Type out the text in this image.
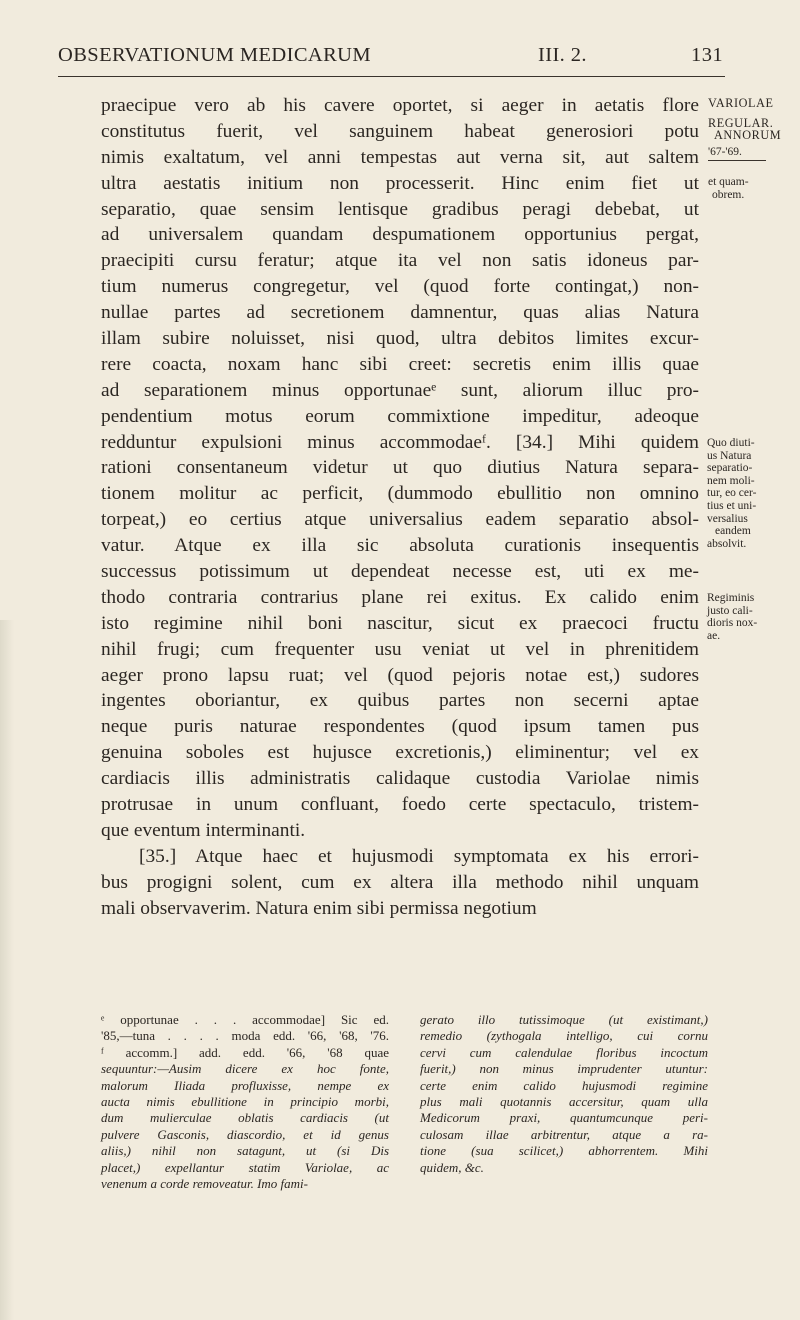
OBSERVATIONUM MEDICARUM	III. 2.	131
praecipue vero ab his cavere oportet, si aeger in aetatis flore
constitutus fuerit, vel sanguinem habeat generosiori potu
nimis exaltatum, vel anni tempestas aut verna sit, aut saltem
ultra aestatis initium non processerit. Hinc enim fiet ut
separatio, quae sensim lentisque gradibus peragi debebat, ut
ad universalem quandam despumationem opportunius pergat,
praecipiti cursu feratur; atque ita vel non satis idoneus par-
tium numerus congregetur, vel (quod forte contingat,) non-
nullae partes ad secretionem damnentur, quas alias Natura
illam subire noluisset, nisi quod, ultra debitos limites excur-
rere coacta, noxam hanc sibi creet: secretis enim illis quae
ad separationem minus opportunaeᵉ sunt, aliorum illuc pro-
pendentium motus eorum commixtione impeditur, adeoque
redduntur expulsioni minus accommodaeᶠ. [34.] Mihi quidem
rationi consentaneum videtur ut quo diutius Natura separa-
tionem molitur ac perficit, (dummodo ebullitio non omnino
torpeat,) eo certius atque universalius eadem separatio absol-
vatur. Atque ex illa sic absoluta curationis insequentis
successus potissimum ut dependeat necesse est, uti ex me-
thodo contraria contrarius plane rei exitus. Ex calido enim
isto regimine nihil boni nascitur, sicut ex praecoci fructu
nihil frugi; cum frequenter usu veniat ut vel in phrenitidem
aeger prono lapsu ruat; vel (quod pejoris notae est,) sudores
ingentes oboriantur, ex quibus partes non secerni aptae
neque puris naturae respondentes (quod ipsum tamen pus
genuina soboles est hujusce excretionis,) eliminentur; vel ex
cardiacis illis administratis calidaque custodia Variolae nimis
protrusae in unum confluant, foedo certe spectaculo, tristem-
que eventum interminanti.
[35.] Atque haec et hujusmodi symptomata ex his errori-
bus progigni solent, cum ex altera illa methodo nihil unquam
mali observaverim. Natura enim sibi permissa negotium
VARIOLAE
REGULAR.
ANNORUM
'67-'69.
et quam-
obrem.
Quo diuti-
us Natura
separatio-
nem moli-
tur, eo cer-
tius et uni-
versalius
eandem
absolvit.
Regiminis
justo cali-
dioris nox-
ae.
ᵉ opportunae . . . accommodae] Sic ed.
'85,—tuna . . . . moda edd. '66, '68, '76.
ᶠ accomm.] add. edd. '66, '68 quae
sequuntur:—Ausim dicere ex hoc fonte,
malorum Iliada profluxisse, nempe ex
aucta nimis ebullitione in principio morbi,
dum mulierculae oblatis cardiacis (ut
pulvere Gasconis, diascordio, et id genus
aliis,) nihil non satagunt, ut (si Dis
placet,) expellantur statim Variolae, ac
venenum a corde removeatur. Imo fami-
gerato illo tutissimoque (ut existimant,)
remedio (zythogala intelligo, cui cornu
cervi cum calendulae floribus incoctum
fuerit,) non minus imprudenter utuntur:
certe enim calido hujusmodi regimine
plus mali quotannis accersitur, quam ulla
Medicorum praxi, quantumcunque peri-
culosam illae arbitrentur, atque a ra-
tione (sua scilicet,) abhorrentem. Mihi
quidem, &c.
